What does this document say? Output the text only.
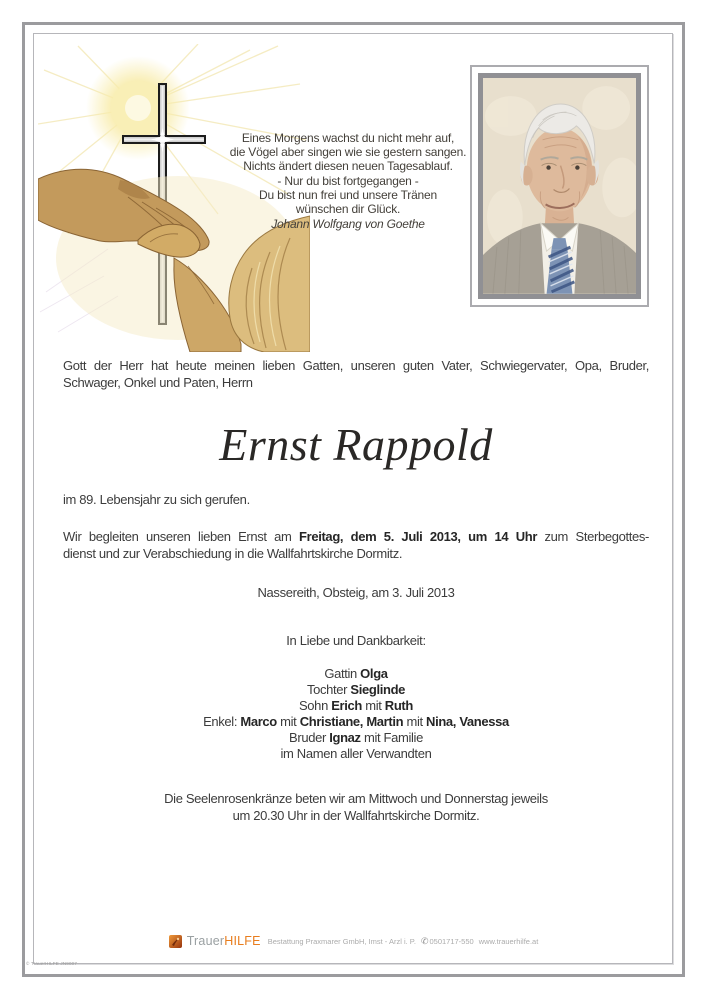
Eines Morgens wachst du nicht mehr auf,
die Vögel aber singen wie sie gestern sangen.
Nichts ändert diesen neuen Tagesablauf.
- Nur du bist fortgegangen -
Du bist nun frei und unsere Tränen
wünschen dir Glück.
Johann Wolfgang von Goethe
Gott der Herr hat heute meinen lieben Gatten, unseren guten Vater, Schwiegervater, Opa, Bruder,
Schwager, Onkel und Paten, Herrn
Ernst Rappold
im 89. Lebensjahr zu sich gerufen.
Wir begleiten unseren lieben Ernst am Freitag, dem 5. Juli 2013, um 14 Uhr zum Sterbegottes-
dienst und zur Verabschiedung in die Wallfahrtskirche Dormitz.
Nassereith, Obsteig, am 3. Juli 2013
In Liebe und Dankbarkeit:
Gattin Olga
Tochter Sieglinde
Sohn Erich mit Ruth
Enkel: Marco mit Christiane, Martin mit Nina, Vanessa
Bruder Ignaz mit Familie
im Namen aller Verwandten
Die Seelenrosenkränze beten wir am Mittwoch und Donnerstag jeweils
um 20.30 Uhr in der Wallfahrtskirche Dormitz.
TrauerHILFE Bestattung Praxmarer GmbH, Imst - Arzl i. P. ✆ 0501717-550 www.trauerhilfe.at
© TrauerHILFE JN9007
